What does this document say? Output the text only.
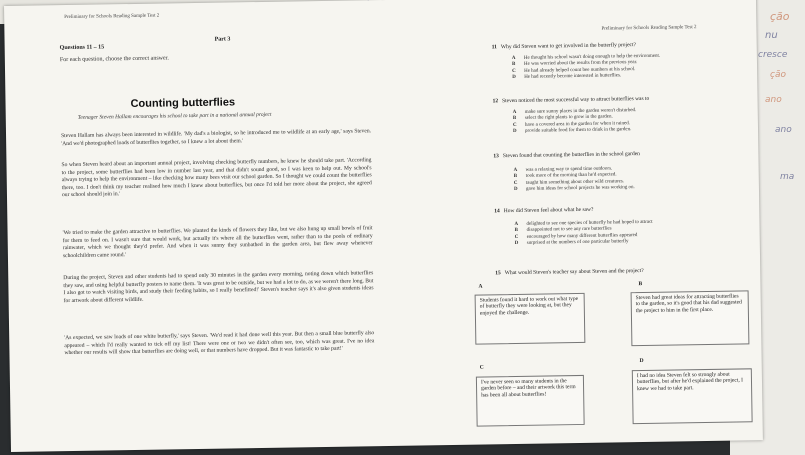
ção
nu
cresce
ção
ano
ano
ma
Preliminary for Schools Reading Sample Test 2
Part 3
Questions 11 – 15
For each question, choose the correct answer.
Counting butterflies
Teenager Steven Hallam encourages his school to take part in a national annual project
Steven Hallam has always been interested in wildlife. 'My dad's a biologist, so he introduced me to wildlife at an early age,' says Steven. 'And we'd photographed loads of butterflies together, so I knew a lot about them.'
So when Steven heard about an important annual project, involving checking butterfly numbers, he knew he should take part. 'According to the project, some butterflies had been low in number last year, and that didn't sound good, so I was keen to help out. My school's always trying to help the environment – like checking how many bees visit our school garden. So I thought we could count the butterflies there, too. I don't think my teacher realised how much I knew about butterflies, but once I'd told her more about the project, she agreed our school should join in.'
'We tried to make the garden attractive to butterflies. We planted the kinds of flowers they like, but we also hung up small bowls of fruit for them to feed on. I wasn't sure that would work, but actually it's where all the butterflies went, rather than to the pools of ordinary rainwater, which we thought they'd prefer. And when it was sunny they sunbathed in the garden area, but flew away whenever schoolchildren came round.'
During the project, Steven and other students had to spend only 30 minutes in the garden every morning, noting down which butterflies they saw, and using helpful butterfly posters to name them. 'It was great to be outside, but we had a lot to do, as we weren't there long. But I also got to watch visiting birds, and study their feeding habits, so I really benefitted!' Steven's teacher says it's also given students ideas for artwork about different wildlife.
'As expected, we saw loads of one white butterfly,' says Steven. 'We'd read it had done well this year. But then a small blue butterfly also appeared – which I'd really wanted to tick off my list! There were one or two we didn't often see, too, which was great. I've no idea whether our results will show that butterflies are doing well, or that numbers have dropped. But it was fantastic to take part!'
Preliminary for Schools Reading Sample Test 2
11 Why did Steven want to get involved in the butterfly project?
A He thought his school wasn't doing enough to help the environment.
B He was worried about the results from the previous year.
C He had already helped count bee numbers at his school.
D He had recently become interested in butterflies.
12 Steven noticed the most successful way to attract butterflies was to
A make sure sunny places in the garden weren't disturbed.
B select the right plants to grow in the garden.
C have a covered area in the garden for when it rained.
D provide suitable food for them to drink in the garden.
13 Steven found that counting the butterflies in the school garden
A was a relaxing way to spend time outdoors.
B took more of the morning than he'd expected.
C taught him something about other wild creatures.
D gave him ideas for school projects he was working on.
14 How did Steven feel about what he saw?
A delighted to see one species of butterfly he had hoped to attract
B disappointed not to see any rare butterflies
C encouraged by how many different butterflies appeared
D surprised at the numbers of one particular butterfly
15 What would Steven's teacher say about Steven and the project?
A
Students found it hard to work out what type of butterfly they were looking at, but they enjoyed the challenge.
B
Steven had great ideas for attracting butterflies to the garden, so it's good that his dad suggested the project to him in the first place.
C
I've never seen so many students in the garden before – and their artwork this term has been all about butterflies!
D
I had no idea Steven felt so strongly about butterflies, but after he'd explained the project, I knew we had to take part.
